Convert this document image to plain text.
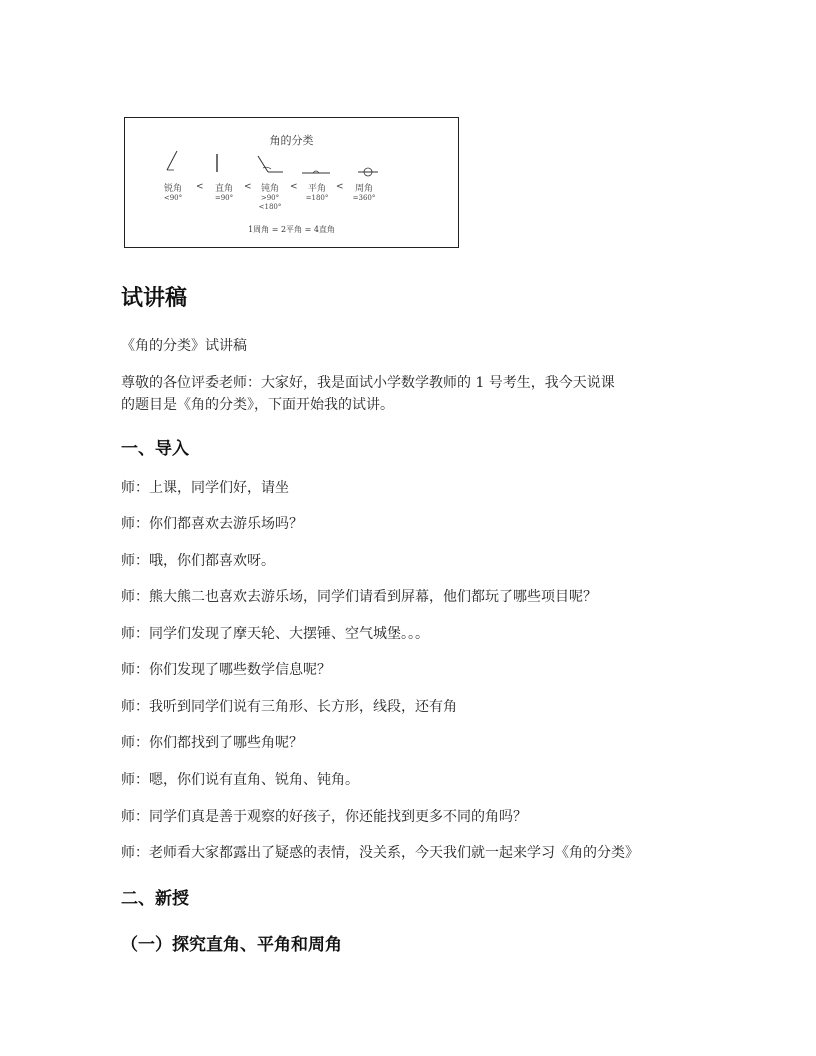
角的分类
锐角
<90°
<	直角
=90°
<	钝角
>90°
<180°
<	平角
=180°
<	周角
=360°
1周角 = 2平角 = 4直角
试讲稿

《角的分类》试讲稿

尊敬的各位评委老师：大家好，我是面试小学数学教师的 1 号考生，我今天说课

的题目是《角的分类》，下面开始我的试讲。

一、导入

师：上课，同学们好，请坐

师：你们都喜欢去游乐场吗？

师：哦，你们都喜欢呀。

师：熊大熊二也喜欢去游乐场，同学们请看到屏幕，他们都玩了哪些项目呢？

师：同学们发现了摩天轮、大摆锤、空气城堡。。。

师：你们发现了哪些数学信息呢？

师：我听到同学们说有三角形、长方形，线段，还有角

师：你们都找到了哪些角呢？

师：嗯，你们说有直角、锐角、钝角。

师：同学们真是善于观察的好孩子，你还能找到更多不同的角吗？

师：老师看大家都露出了疑惑的表情，没关系，今天我们就一起来学习《角的分类》

二、新授
（一）探究直角、平角和周角
